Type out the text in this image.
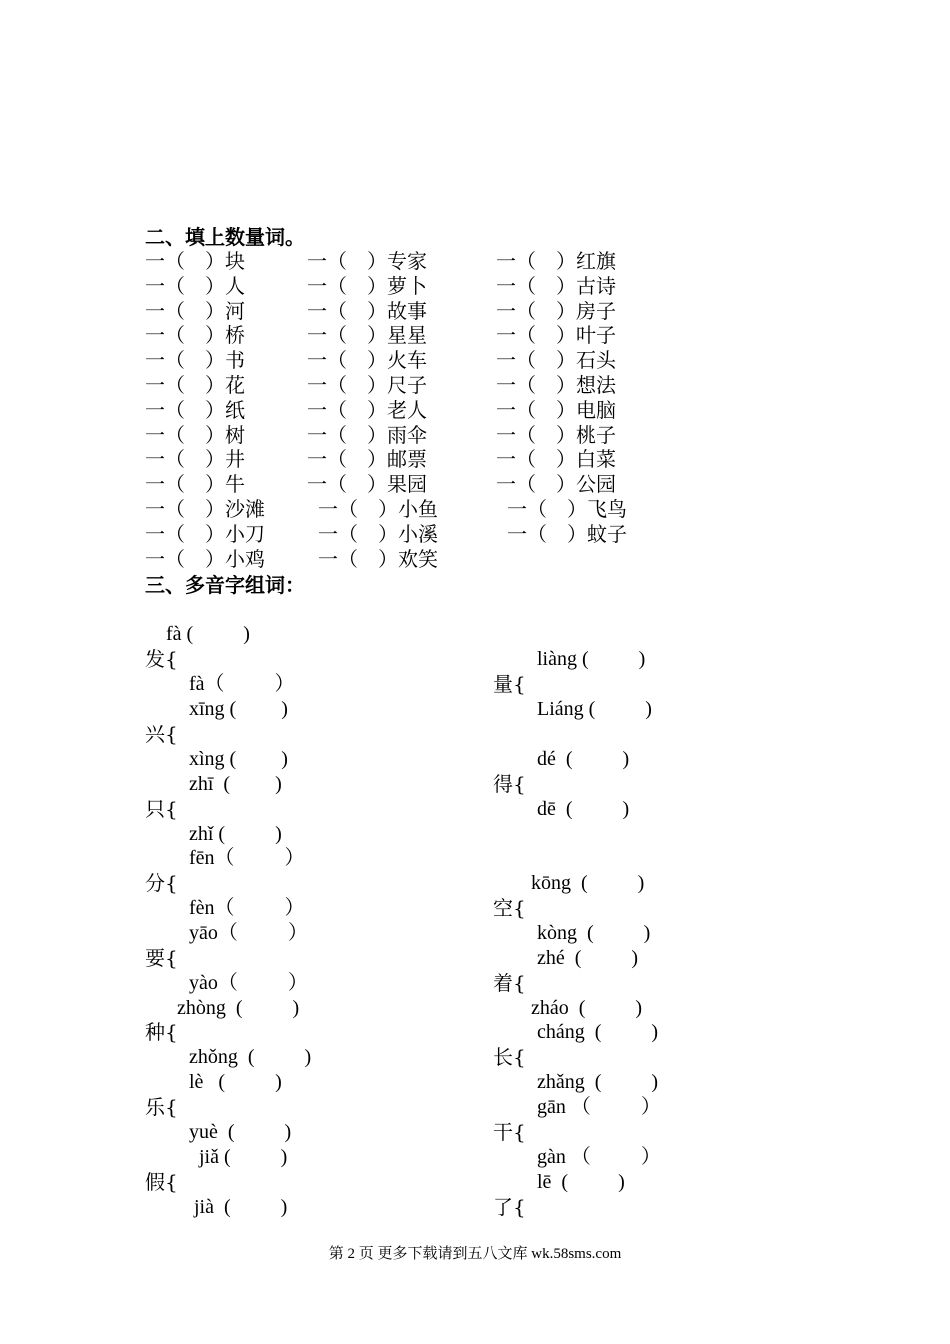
二、填上数量词。
一（　）块
一（　）人
一（　）河
一（　）桥
一（　）书
一（　）花
一（　）纸
一（　）树
一（　）井
一（　）牛
一（　）沙滩
一（　）小刀
一（　）小鸡
一（　）专家
一（　）萝卜
一（　）故事
一（　）星星
一（　）火车
一（　）尺子
一（　）老人
一（　）雨伞
一（　）邮票
一（　）果园
一（　）小鱼
一（　）小溪
一（　）欢笑
一（　）红旗
一（　）古诗
一（　）房子
一（　）叶子
一（　）石头
一（　）想法
一（　）电脑
一（　）桃子
一（　）白菜
一（　）公园
一（　）飞鸟
一（　）蚊子
三、多音字组词：
发{
fà (          )
fà（          ）
兴{
xīng (         )
xìng (         )
只{
zhī  (         )
zhǐ (          )
分{
fēn（          ）
fèn（          ）
要{
yāo（          ）
yào（          ）
种{
zhòng  (          )
zhǒng  (          )
乐{
lè   (          )
yuè  (          )
假{
jiǎ (          )
jià  (          )
量{
liàng (          )
Liáng (          )
得{
dé  (          )
dē  (          )
空{
kōng  (          )
kòng  (          )
着{
zhé  (          )
zháo  (          )
长{
cháng  (          )
zhǎng  (          )
干{
gān （          ）
gàn （          ）
了{
lē  (          )
第 2 页 更多下载请到五八文库 wk.58sms.com
